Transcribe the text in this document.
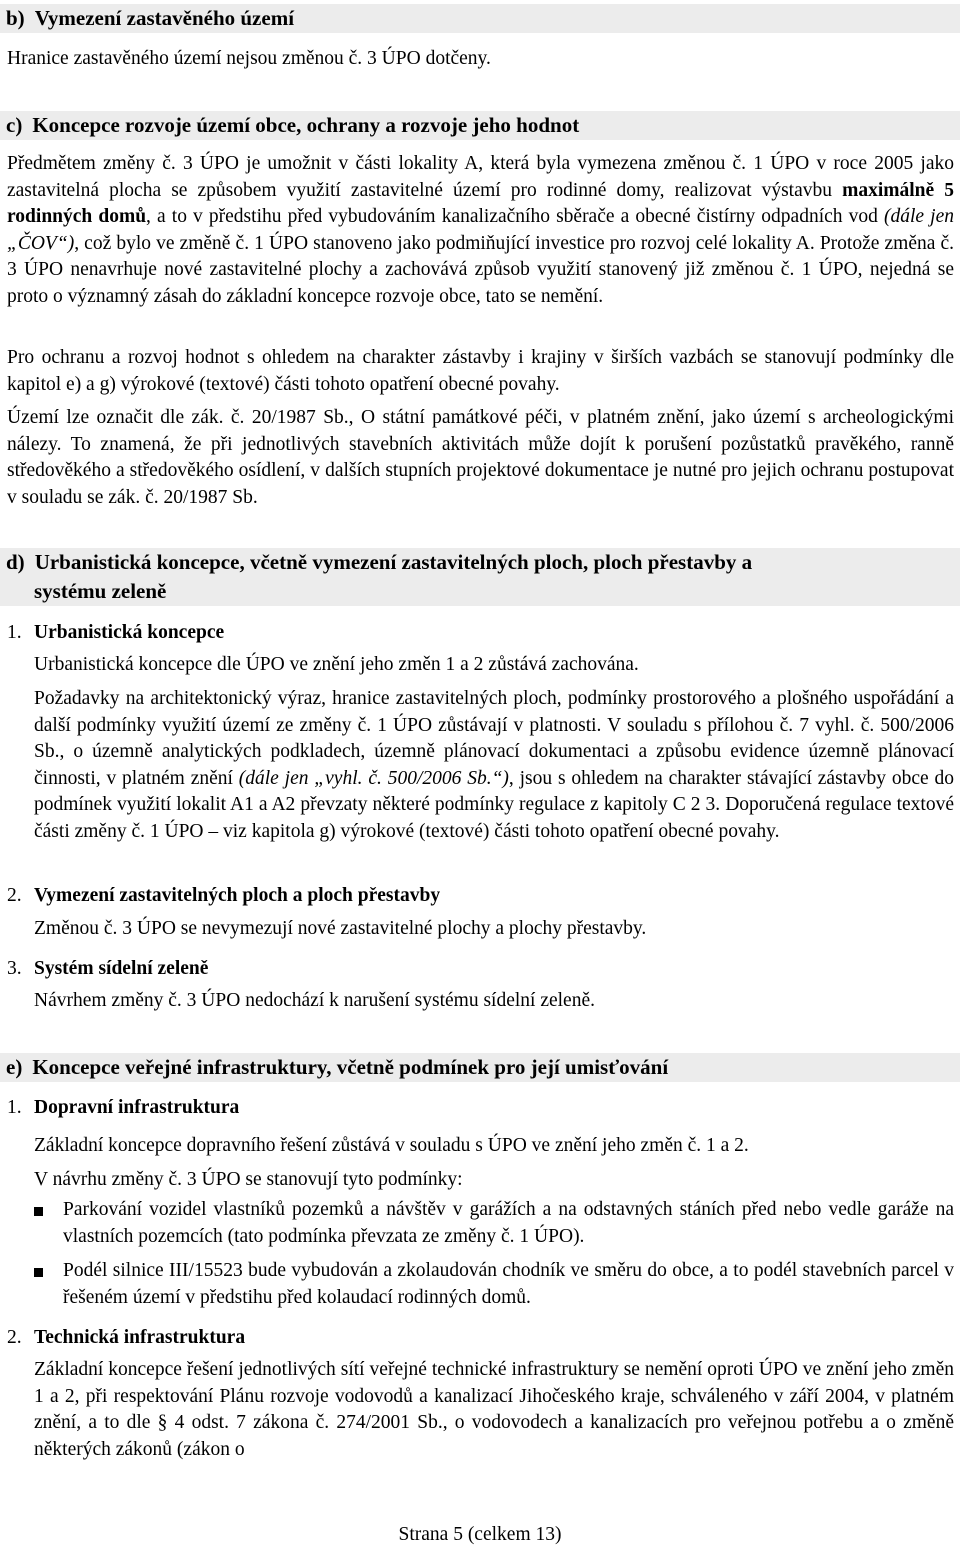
b) Vymezení zastavěného území

Hranice zastavěného území nejsou změnou č. 3 ÚPO dotčeny.

c) Koncepce rozvoje území obce, ochrany a rozvoje jeho hodnot

Předmětem změny č. 3 ÚPO je umožnit v části lokality A, která byla vymezena změnou č. 1 ÚPO v roce 2005 jako zastavitelná plocha se způsobem využití zastavitelné území pro rodinné domy, realizovat výstavbu maximálně 5 rodinných domů, a to v předstihu před vybudováním kanalizačního sběrače a obecné čistírny odpadních vod (dále jen „ČOV“), což bylo ve změně č. 1 ÚPO stanoveno jako podmiňující investice pro rozvoj celé lokality A. Protože změna č. 3 ÚPO nenavrhuje nové zastavitelné plochy a zachovává způsob využití stanovený již změnou č. 1 ÚPO, nejedná se proto o významný zásah do základní koncepce rozvoje obce, tato se nemění.

Pro ochranu a rozvoj hodnot s ohledem na charakter zástavby i krajiny v širších vazbách se stanovují podmínky dle kapitol e) a g) výrokové (textové) části tohoto opatření obecné povahy.

Území lze označit dle zák. č. 20/1987 Sb., O státní památkové péči, v platném znění, jako území s archeologickými nálezy. To znamená, že při jednotlivých stavebních aktivitách může dojít k porušení pozůstatků pravěkého, ranně středověkého a středověkého osídlení, v dalších stupních projektové dokumentace je nutné pro jejich ochranu postupovat v souladu se zák. č. 20/1987 Sb.

d) Urbanistická koncepce, včetně vymezení zastavitelných ploch, ploch přestavby a
systému zeleně
1. Urbanistická koncepce

Urbanistická koncepce dle ÚPO ve znění jeho změn 1 a 2 zůstává zachována.

Požadavky na architektonický výraz, hranice zastavitelných ploch, podmínky prostorového a plošného uspořádání a další podmínky využití území ze změny č. 1 ÚPO zůstávají v platnosti. V souladu s přílohou č. 7 vyhl. č. 500/2006 Sb., o územně analytických podkladech, územně plánovací dokumentaci a způsobu evidence územně plánovací činnosti, v platném znění (dále jen „vyhl. č. 500/2006 Sb.“), jsou s ohledem na charakter stávající zástavby obce do podmínek využití lokalit A1 a A2 převzaty některé podmínky regulace z kapitoly C 2 3. Doporučená regulace textové části změny č. 1 ÚPO – viz kapitola g) výrokové (textové) části tohoto opatření obecné povahy.

2. Vymezení zastavitelných ploch a ploch přestavby

Změnou č. 3 ÚPO se nevymezují nové zastavitelné plochy a plochy přestavby.

3. Systém sídelní zeleně

Návrhem změny č. 3 ÚPO nedochází k narušení systému sídelní zeleně.

e) Koncepce veřejné infrastruktury, včetně podmínek pro její umisťování
1. Dopravní infrastruktura

Základní koncepce dopravního řešení zůstává v souladu s ÚPO ve znění jeho změn č. 1 a 2.

V návrhu změny č. 3 ÚPO se stanovují tyto podmínky:

Parkování vozidel vlastníků pozemků a návštěv v garážích a na odstavných stáních před nebo vedle garáže na vlastních pozemcích (tato podmínka převzata ze změny č. 1 ÚPO).

Podél silnice III/15523 bude vybudován a zkolaudován chodník ve směru do obce, a to podél stavebních parcel v řešeném území v předstihu před kolaudací rodinných domů.

2. Technická infrastruktura

Základní koncepce řešení jednotlivých sítí veřejné technické infrastruktury se nemění oproti ÚPO ve znění jeho změn 1 a 2, při respektování Plánu rozvoje vodovodů a kanalizací Jihočeského kraje, schváleného v září 2004, v platném znění, a to dle § 4 odst. 7 zákona č. 274/2001 Sb., o vodovodech a kanalizacích pro veřejnou potřebu a o změně některých zákonů (zákon o

Strana 5 (celkem 13)
